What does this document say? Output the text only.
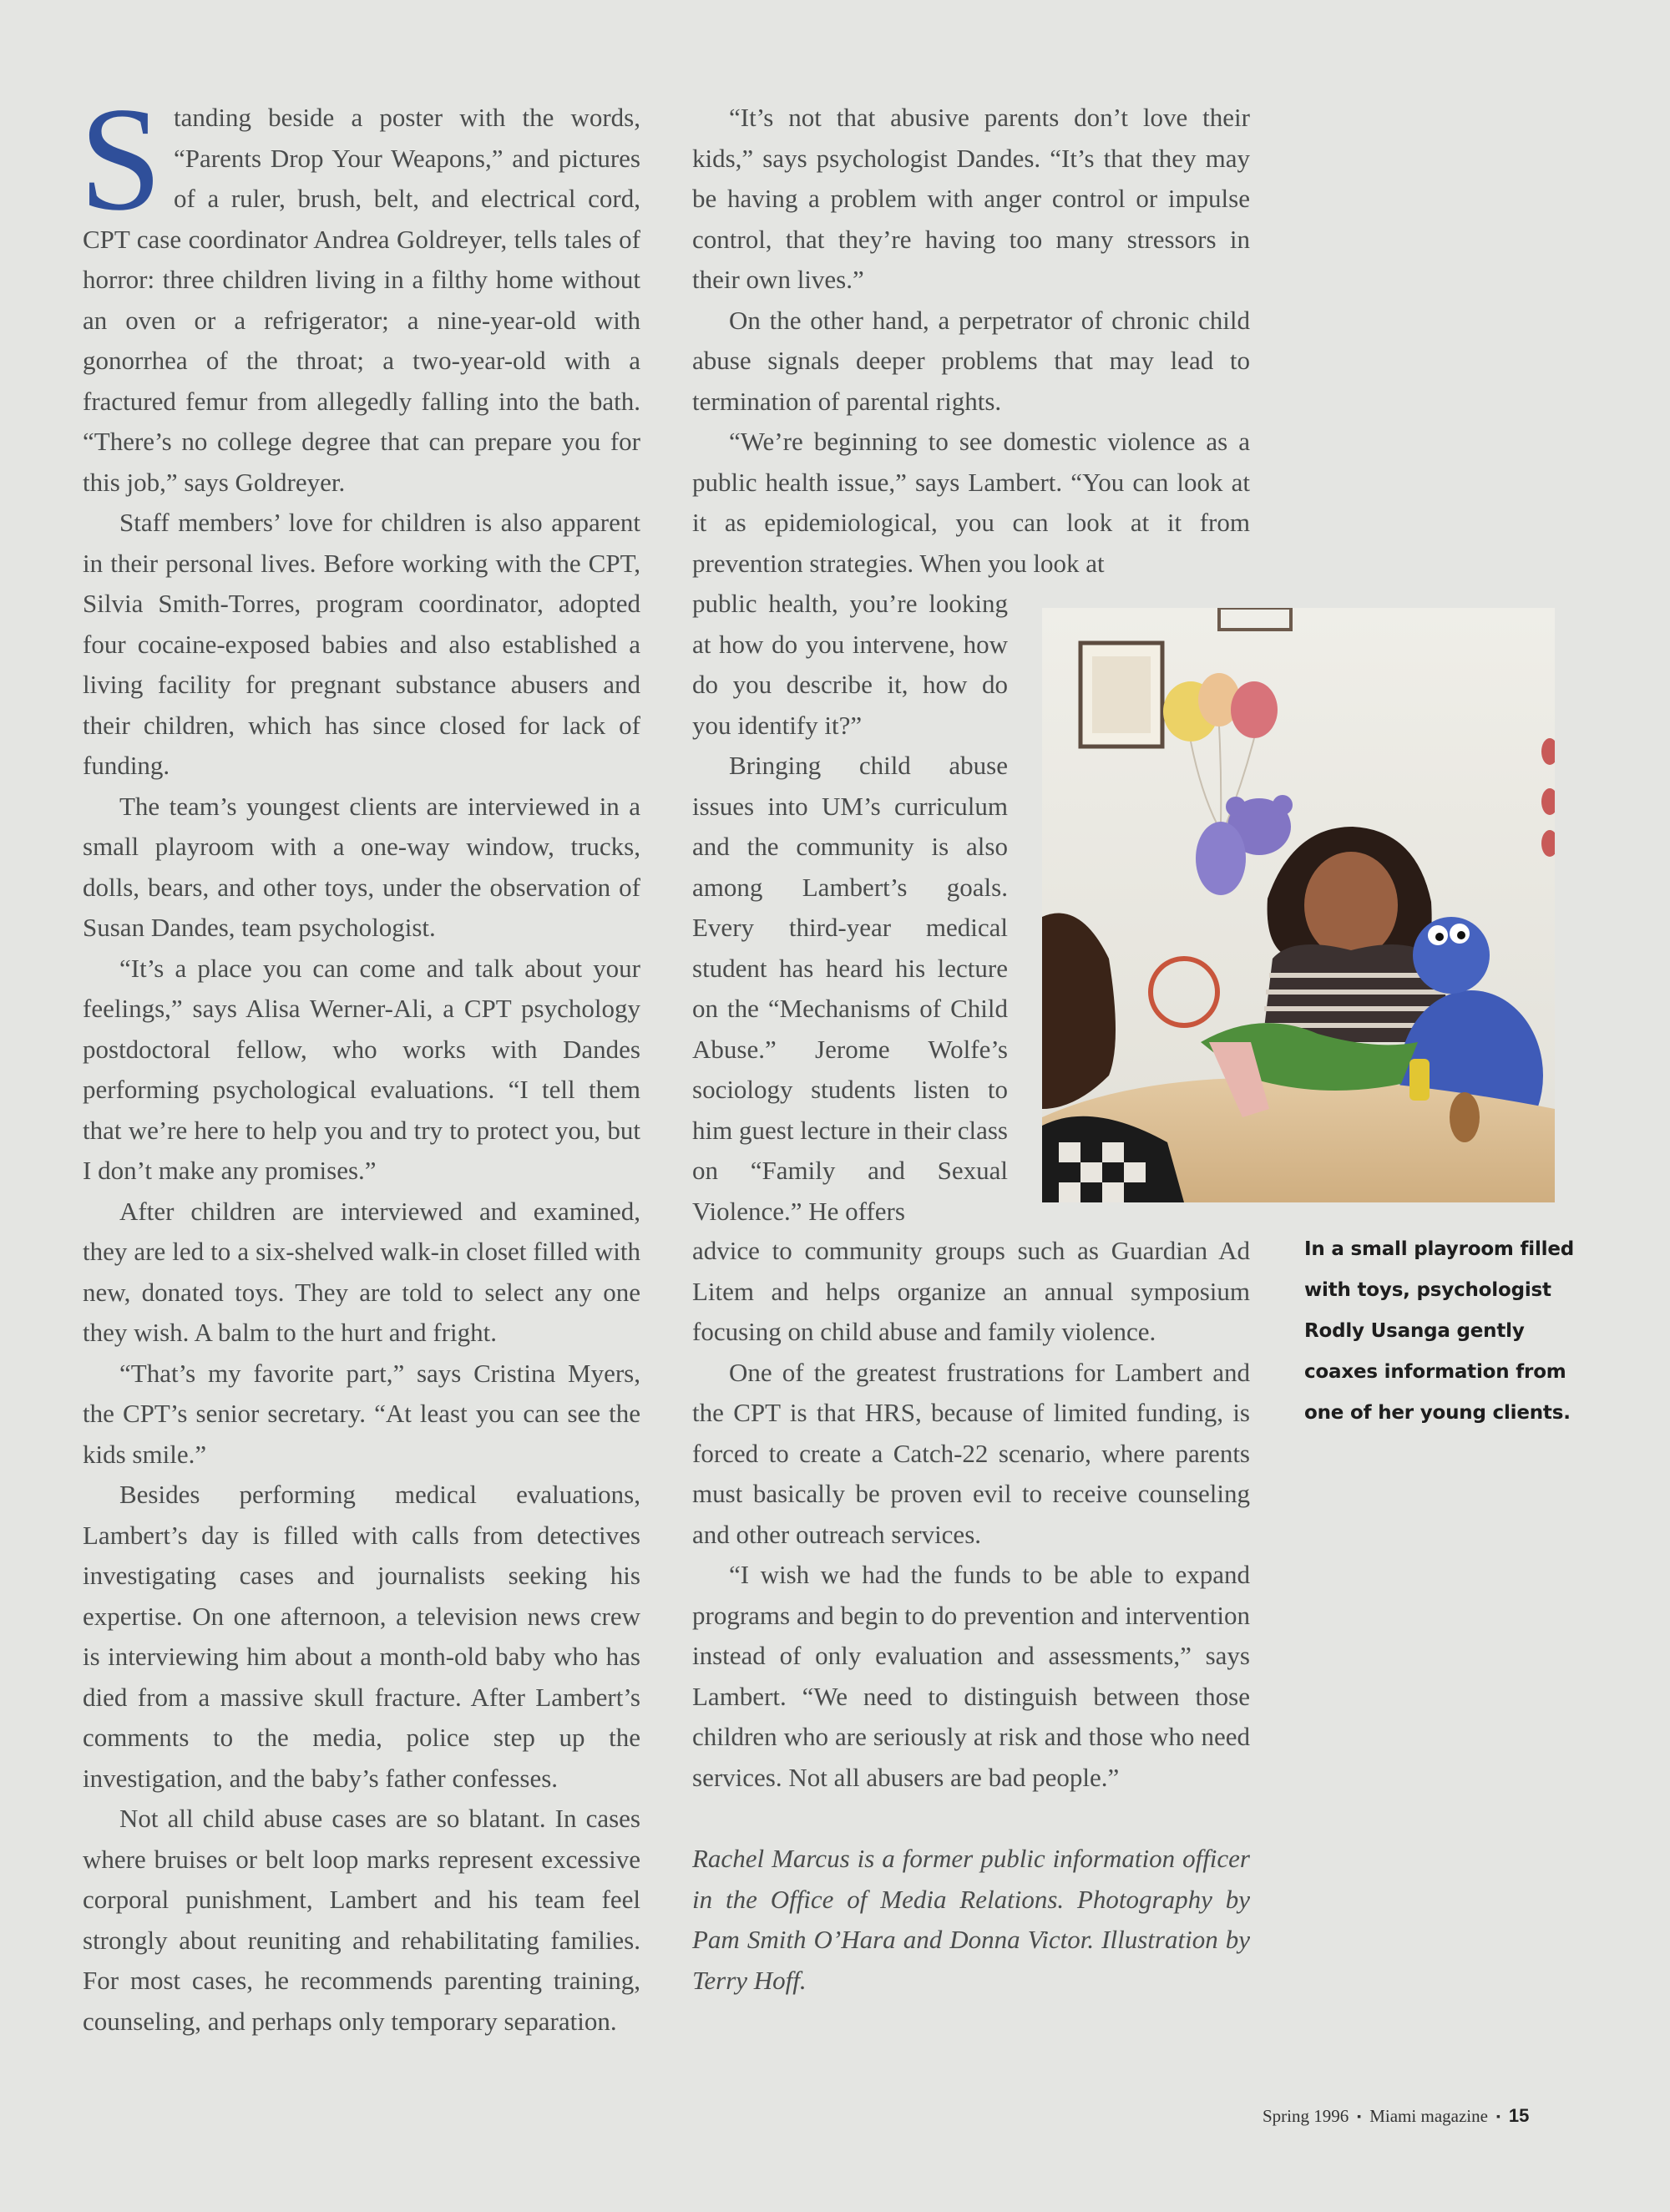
Standing beside a poster with the words, “Parents Drop Your Weapons,” and pictures of a ruler, brush, belt, and electrical cord, CPT case coordinator Andrea Goldreyer, tells tales of horror: three children living in a filthy home without an oven or a refrigerator; a nine-year-old with gonorrhea of the throat; a two-year-old with a fractured femur from allegedly falling into the bath. “There’s no college degree that can prepare you for this job,” says Goldreyer.

Staff members’ love for children is also apparent in their personal lives. Before working with the CPT, Silvia Smith-Torres, program coordinator, adopted four cocaine-exposed babies and also established a living facility for pregnant substance abusers and their children, which has since closed for lack of funding.

The team’s youngest clients are interviewed in a small playroom with a one-way window, trucks, dolls, bears, and other toys, under the observation of Susan Dandes, team psychologist.

“It’s a place you can come and talk about your feelings,” says Alisa Werner-Ali, a CPT psychology postdoctoral fellow, who works with Dandes performing psychological evaluations. “I tell them that we’re here to help you and try to protect you, but I don’t make any promises.”

After children are interviewed and examined, they are led to a six-shelved walk-in closet filled with new, donated toys. They are told to select any one they wish. A balm to the hurt and fright.

“That’s my favorite part,” says Cristina Myers, the CPT’s senior secretary. “At least you can see the kids smile.”

Besides performing medical evaluations, Lambert’s day is filled with calls from detectives investigating cases and journalists seeking his expertise. On one afternoon, a television news crew is interviewing him about a month-old baby who has died from a massive skull fracture. After Lambert’s comments to the media, police step up the investigation, and the baby’s father confesses.

Not all child abuse cases are so blatant. In cases where bruises or belt loop marks represent excessive corporal punishment, Lambert and his team feel strongly about reuniting and rehabilitating families. For most cases, he recommends parenting training, counseling, and perhaps only temporary separation.

“It’s not that abusive parents don’t love their kids,” says psychologist Dandes. “It’s that they may be having a problem with anger control or impulse control, that they’re having too many stressors in their own lives.”

On the other hand, a perpetrator of chronic child abuse signals deeper problems that may lead to termination of parental rights.

“We’re beginning to see domestic violence as a public health issue,” says Lambert. “You can look at it as epidemiological, you can look at it from prevention strategies. When you look at

public health, you’re looking at how do you intervene, how do you describe it, how do you identify it?”

Bringing child abuse issues into UM’s curriculum and the community is also among Lambert’s goals. Every third-year medical student has heard his lecture on the “Mechanisms of Child Abuse.” Jerome Wolfe’s sociology students listen to him guest lecture in their class on “Family and Sexual Violence.” He offers

advice to community groups such as Guardian Ad Litem and helps organize an annual symposium focusing on child abuse and family violence.

One of the greatest frustrations for Lambert and the CPT is that HRS, because of limited funding, is forced to create a Catch-22 scenario, where parents must basically be proven evil to receive counseling and other outreach services.

“I wish we had the funds to be able to expand programs and begin to do prevention and intervention instead of only evaluation and assessments,” says Lambert. “We need to distinguish between those children who are seriously at risk and those who need services. Not all abusers are bad people.”

Rachel Marcus is a former public information officer in the Office of Media Relations. Photography by Pam Smith O’Hara and Donna Victor. Illustration by Terry Hoff.

In a small playroom filled with toys, psychologist Rodly Usanga gently coaxes information from one of her young clients.
Spring 1996 ▪ Miami magazine ▪ 15
